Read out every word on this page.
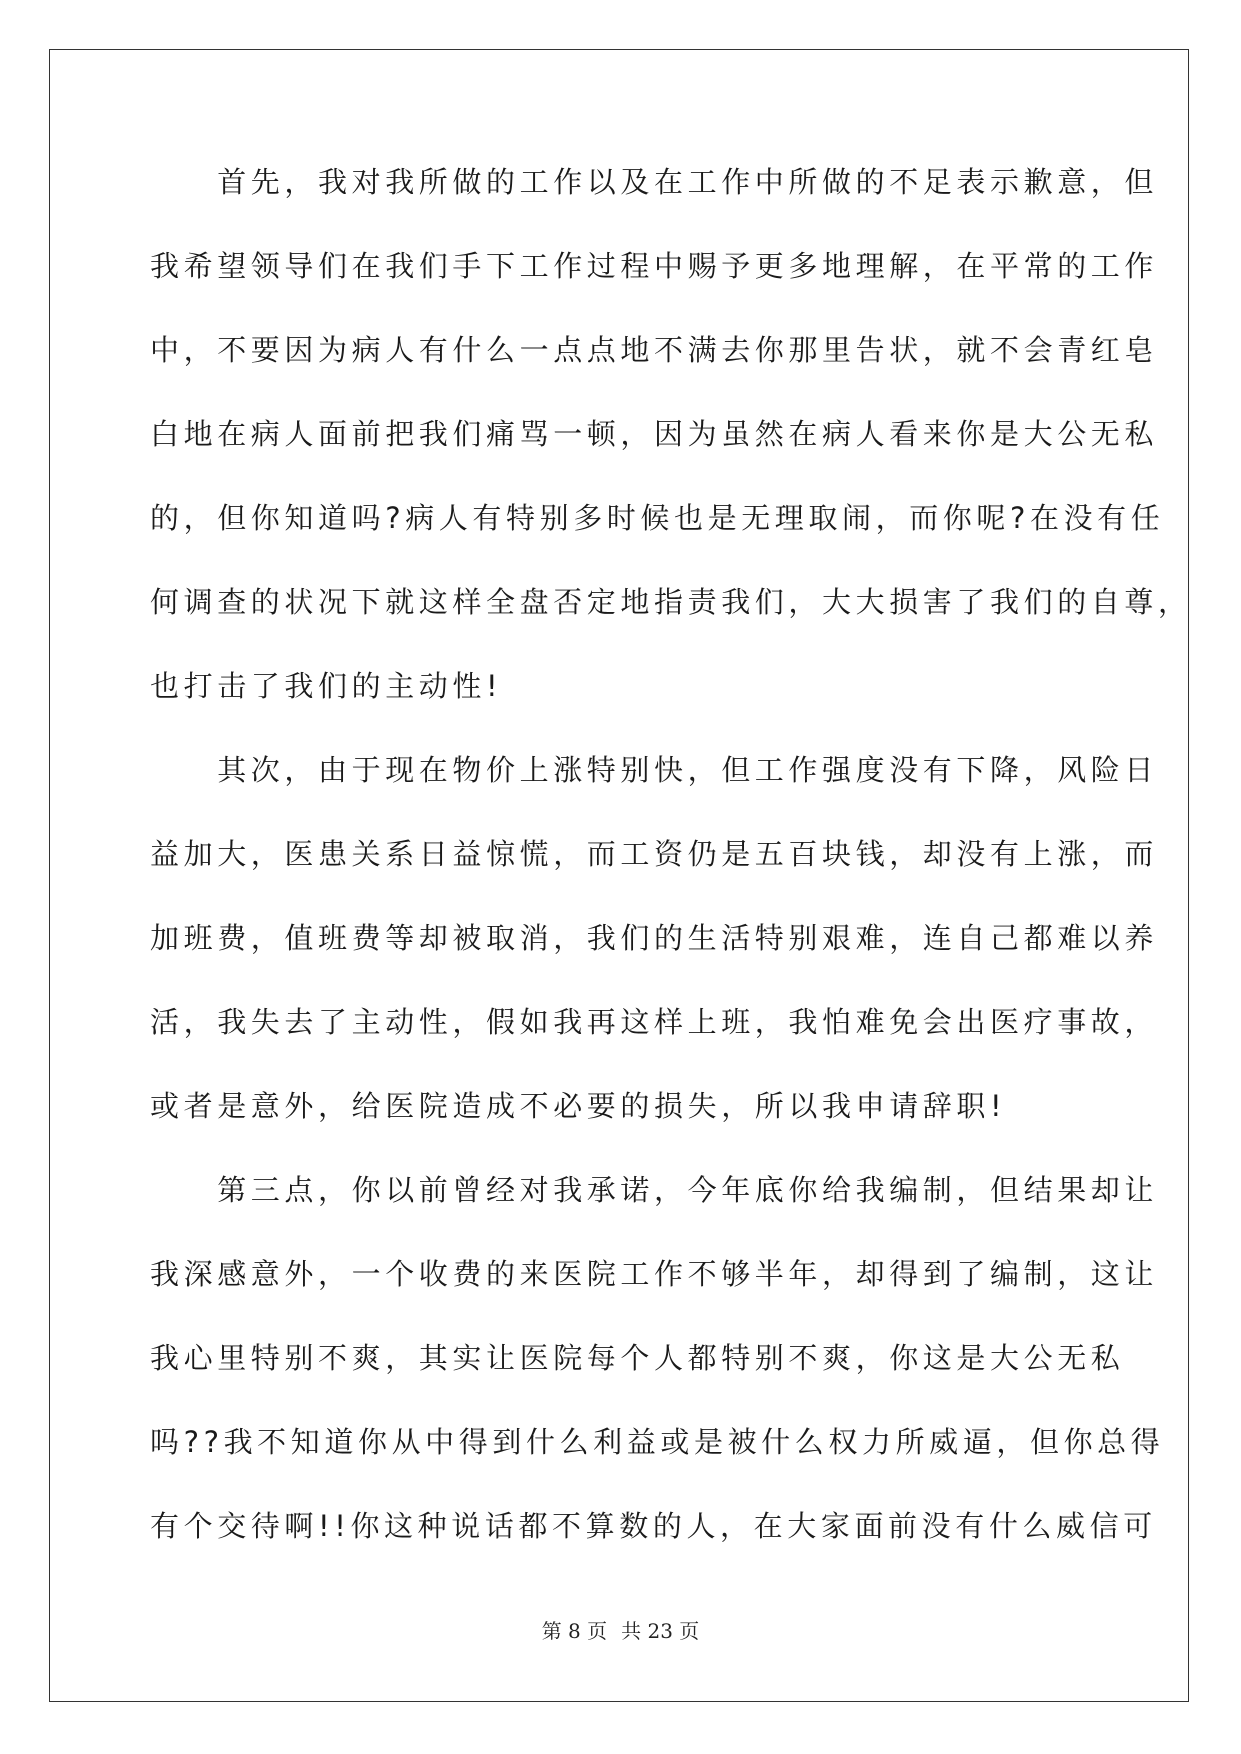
　　首先，我对我所做的工作以及在工作中所做的不足表示歉意，但

我希望领导们在我们手下工作过程中赐予更多地理解，在平常的工作

中，不要因为病人有什么一点点地不满去你那里告状，就不会青红皂

白地在病人面前把我们痛骂一顿，因为虽然在病人看来你是大公无私

的，但你知道吗?病人有特别多时候也是无理取闹，而你呢?在没有任

何调查的状况下就这样全盘否定地指责我们，大大损害了我们的自尊，

也打击了我们的主动性!

　　其次，由于现在物价上涨特别快，但工作强度没有下降，风险日

益加大，医患关系日益惊慌，而工资仍是五百块钱，却没有上涨，而

加班费，值班费等却被取消，我们的生活特别艰难，连自己都难以养

活，我失去了主动性，假如我再这样上班，我怕难免会出医疗事故，

或者是意外，给医院造成不必要的损失，所以我申请辞职!

　　第三点，你以前曾经对我承诺，今年底你给我编制，但结果却让

我深感意外，一个收费的来医院工作不够半年，却得到了编制，这让

我心里特别不爽，其实让医院每个人都特别不爽，你这是大公无私

吗??我不知道你从中得到什么利益或是被什么权力所威逼，但你总得

有个交待啊!!你这种说话都不算数的人，在大家面前没有什么威信可

第 8 页 共 23 页
